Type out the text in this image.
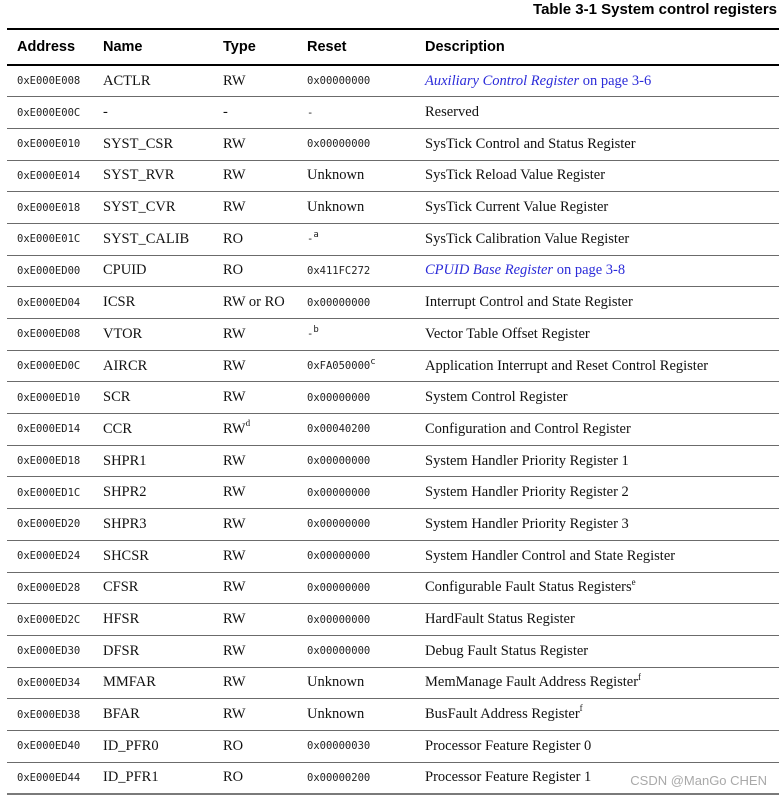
Table 3-1 System control registers
Address	Name	Type	Reset	Description
0xE000E008	ACTLR	RW	0x00000000	Auxiliary Control Register on page 3-6
0xE000E00C	-	-	-	Reserved
0xE000E010	SYST_CSR	RW	0x00000000	SysTick Control and Status Register
0xE000E014	SYST_RVR	RW	Unknown	SysTick Reload Value Register
0xE000E018	SYST_CVR	RW	Unknown	SysTick Current Value Register
0xE000E01C	SYST_CALIB	RO	-$^a$	SysTick Calibration Value Register
0xE000ED00	CPUID	RO	0x411FC272	CPUID Base Register on page 3-8
0xE000ED04	ICSR	RW or RO	0x00000000	Interrupt Control and State Register
0xE000ED08	VTOR	RW	-$^b$	Vector Table Offset Register
0xE000ED0C	AIRCR	RW	0xFA050000$^c$	Application Interrupt and Reset Control Register
0xE000ED10	SCR	RW	0x00000000	System Control Register
0xE000ED14	CCR	$RW^d$	0x00040200	Configuration and Control Register
0xE000ED18	SHPR1	RW	0x00000000	System Handler Priority Register 1
0xE000ED1C	SHPR2	RW	0x00000000	System Handler Priority Register 2
0xE000ED20	SHPR3	RW	0x00000000	System Handler Priority Register 3
0xE000ED24	SHCSR	RW	0x00000000	System Handler Control and State Register
0xE000ED28	CFSR	RW	0x00000000	Configurable Fault Status Registers$^e$
0xE000ED2C	HFSR	RW	0x00000000	HardFault Status Register
0xE000ED30	DFSR	RW	0x00000000	Debug Fault Status Register
0xE000ED34	MMFAR	RW	Unknown	MemManage Fault Address Register$^f$
0xE000ED38	BFAR	RW	Unknown	BusFault Address Register$^f$
0xE000ED40	ID_PFR0	RO	0x00000030	Processor Feature Register 0
0xE000ED44	ID_PFR1	RO	0x00000200	Processor Feature Register 1	CSDN @ManGo CHEN
